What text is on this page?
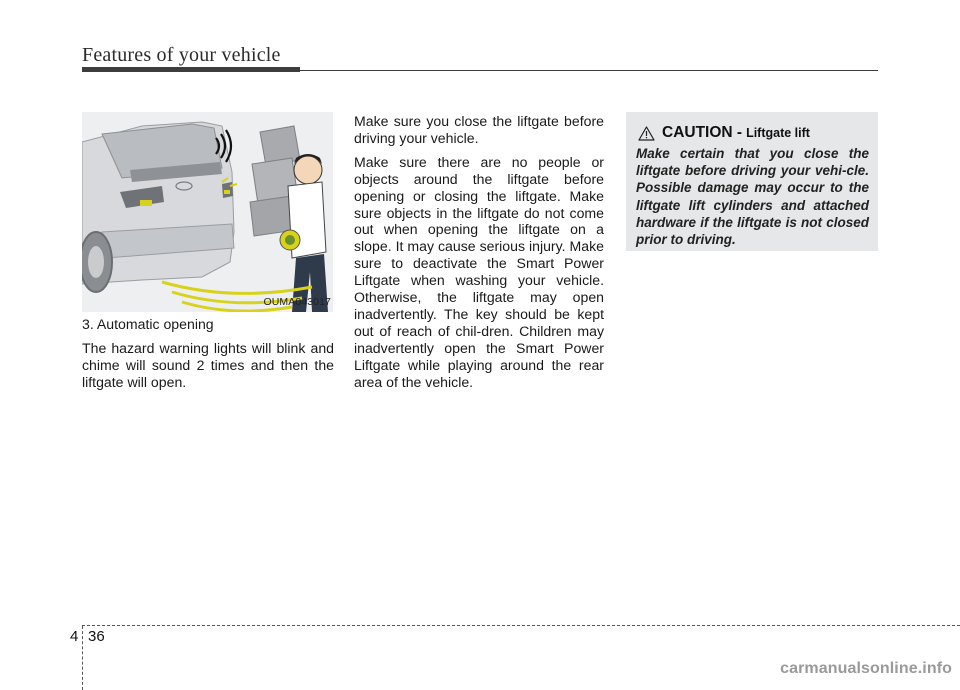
Features of your vehicle
OUMA043017

3. Automatic opening

The hazard warning lights will blink and chime will sound 2 times and then the liftgate will open.

Make sure you close the liftgate before driving your vehicle.

Make sure there are no people or objects around the liftgate before opening or closing the liftgate. Make sure objects in the liftgate do not come out when opening the liftgate on a slope. It may cause serious injury. Make sure to deactivate the Smart Power Liftgate when washing your vehicle. Otherwise, the liftgate may open inadvertently. The key should be kept out of reach of chil-dren. Children may inadvertently open the Smart Power Liftgate while playing around the rear area of the vehicle.

CAUTION - Liftgate lift
Make certain that you close the liftgate before driving your vehi-cle. Possible damage may occur to the liftgate lift cylinders and attached hardware if the liftgate is not closed prior to driving.
4 36
carmanualsonline.info
